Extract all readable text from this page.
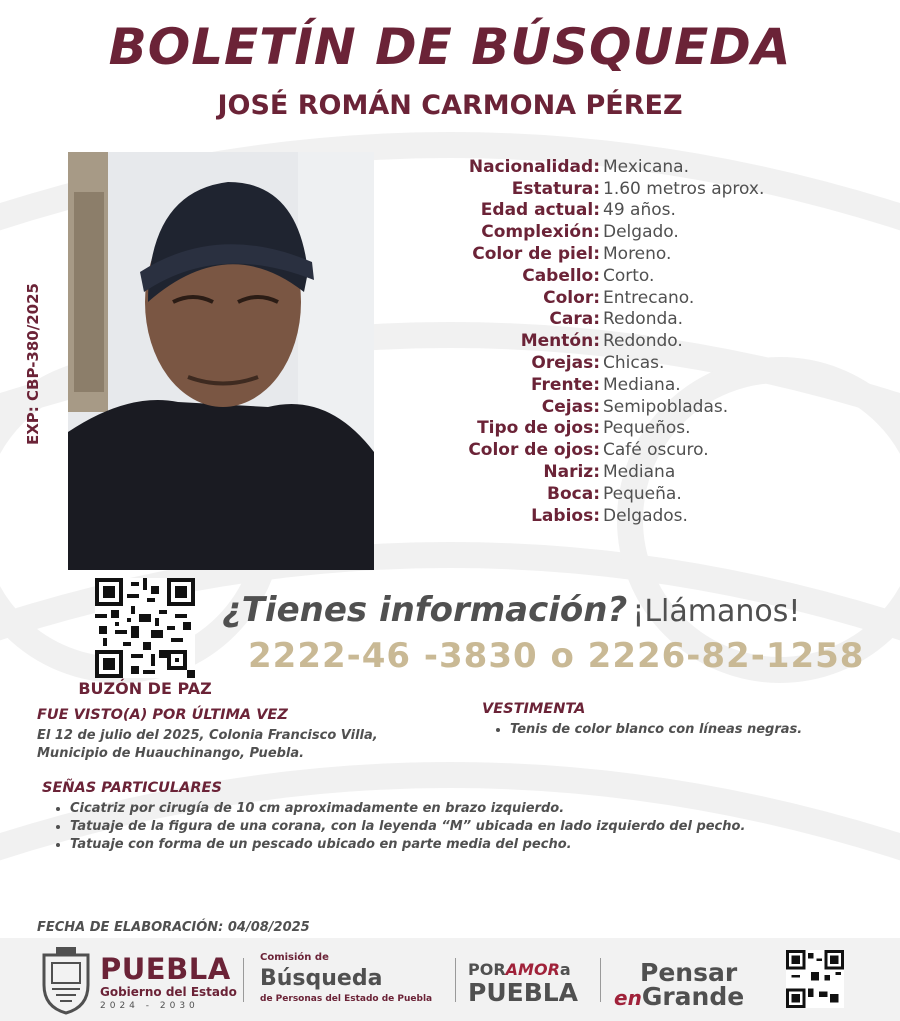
BOLETÍN DE BÚSQUEDA
JOSÉ ROMÁN CARMONA PÉREZ
EXP: CBP-380/2025
Nacionalidad: Mexicana.
Estatura: 1.60 metros aprox.
Edad actual: 49 años.
Complexión: Delgado.
Color de piel: Moreno.
Cabello: Corto.
Color: Entrecano.
Cara: Redonda.
Mentón: Redondo.
Orejas: Chicas.
Frente: Mediana.
Cejas: Semipobladas.
Tipo de ojos: Pequeños.
Color de ojos: Café oscuro.
Nariz: Mediana
Boca: Pequeña.
Labios: Delgados.
BUZÓN DE PAZ
¿Tienes información? ¡Llámanos!
2222-46 -3830 o 2226-82-1258
FUE VISTO(A) POR ÚLTIMA VEZ
El 12 de julio del 2025, Colonia Francisco Villa, Municipio de Huauchinango, Puebla.
VESTIMENTA
• Tenis de color blanco con líneas negras.
SEÑAS PARTICULARES
• Cicatriz por cirugía de 10 cm aproximadamente en brazo izquierdo.
• Tatuaje de la figura de una corana, con la leyenda “M” ubicada en lado izquierdo del pecho.
• Tatuaje con forma de un pescado ubicado en parte media del pecho.
FECHA DE ELABORACIÓN: 04/08/2025
PUEBLA
Gobierno del Estado
2024 - 2030
Comisión de
Búsqueda
de Personas del Estado de Puebla
PORAMORa
PUEBLA
Pensar
enGrande
